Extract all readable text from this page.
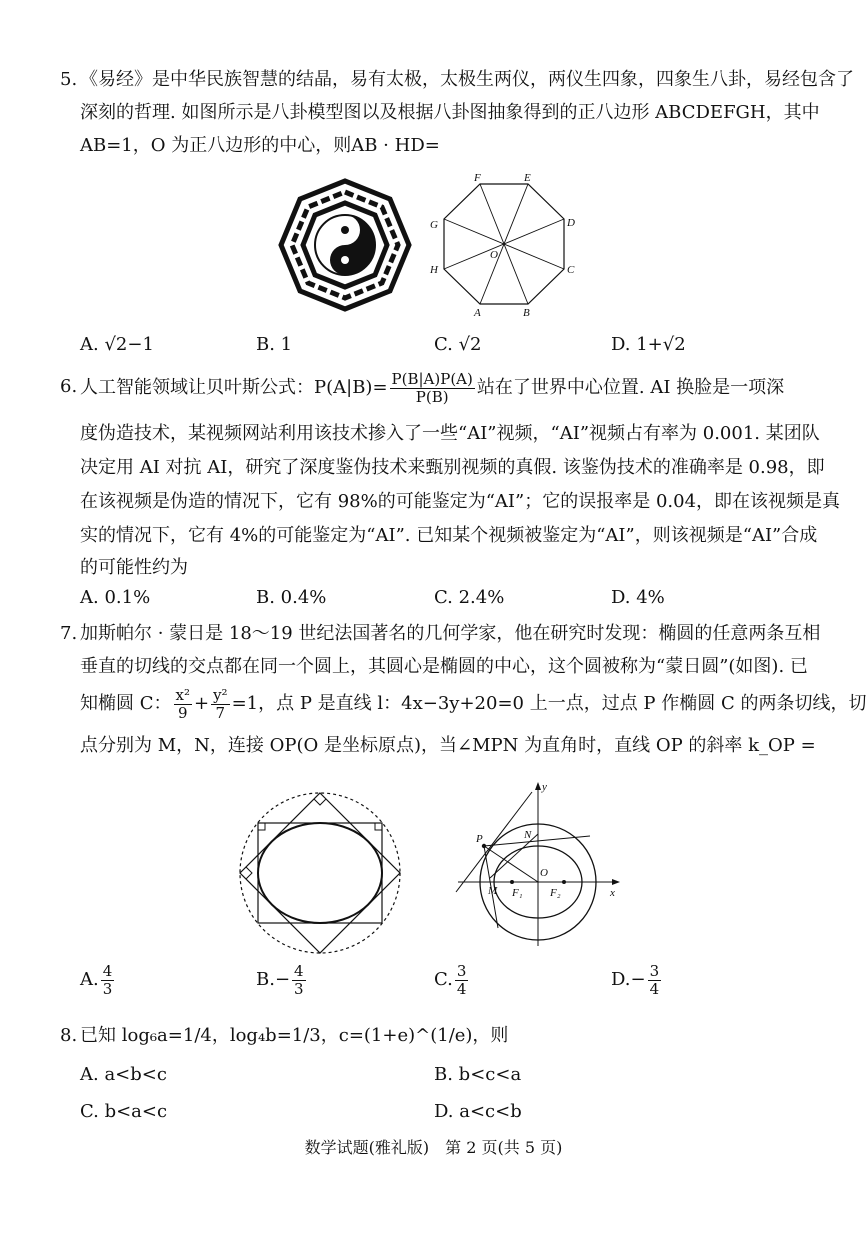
5. 《易经》是中华民族智慧的结晶，易有太极，太极生两仪，两仪生四象，四象生八卦，易经包含了
深刻的哲理. 如图所示是八卦模型图以及根据八卦图抽象得到的正八边形 ABCDEFGH，其中
AB=1，O 为正八边形的中心，则AB · HD=
F	E
D
C
B
A
H
G
O
A. √2−1	B. 1	C. √2	D. 1+√2
6. 人工智能领域让贝叶斯公式：$P(A|B)= \frac{P(B|A)P(A)}{P(B)}$ 站在了世界中心位置. AI 换脸是一项深
度伪造技术，某视频网站利用该技术掺入了一些“AI”视频，“AI”视频占有率为 0.001. 某团队
决定用 AI 对抗 AI，研究了深度鉴伪技术来甄别视频的真假. 该鉴伪技术的准确率是 0.98，即
在该视频是伪造的情况下，它有 98%的可能鉴定为“AI”；它的误报率是 0.04，即在该视频是真
实的情况下，它有 4%的可能鉴定为“AI”. 已知某个视频被鉴定为“AI”，则该视频是“AI”合成
的可能性约为
A. 0.1%	B. 0.4%	C. 2.4%	D. 4%
7. 加斯帕尔 · 蒙日是 18～19 世纪法国著名的几何学家，他在研究时发现：椭圆的任意两条互相
垂直的切线的交点都在同一个圆上，其圆心是椭圆的中心，这个圆被称为“蒙日圆”(如图). 已
知椭圆 C： $\frac{\text{x²}}{9} + \frac{\text{y²}}{7} =1$，点 P 是直线 l：4x−3y+20=0 上一点，过点 P 作椭圆 C 的两条切线，切
点分别为 M，N，连接 OP(O 是坐标原点)，当∠MPN 为直角时，直线 OP 的斜率 k_OP =
y
x
P	N
M
O
F₁ F₂
A. $\frac{4}{3}$	$B.- \frac{4}{3}$	C. $\frac{3}{4}$	$D.- \frac{3}{4}$
8. 已知 log₆a=1/4，log₄b=1/3，c=(1+e)^(1/e)，则
A. a<b<c	B. b<c<a
C. b<a<c	D. a<c<b
数学试题(雅礼版)　第 2 页(共 5 页)
